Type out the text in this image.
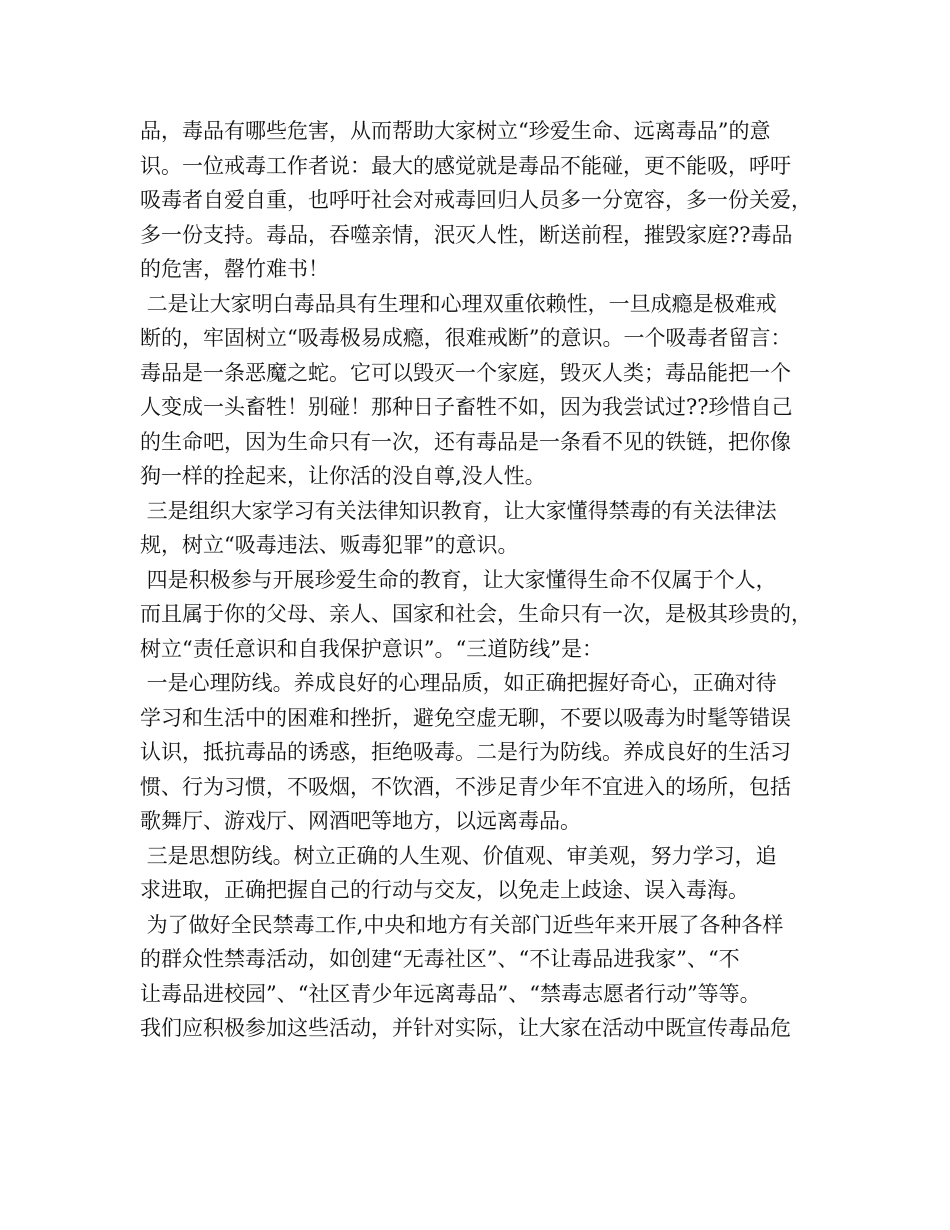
品，毒品有哪些危害，从而帮助大家树立“珍爱生命、远离毒品”的意
识。一位戒毒工作者说：最大的感觉就是毒品不能碰，更不能吸，呼吁
吸毒者自爱自重，也呼吁社会对戒毒回归人员多一分宽容，多一份关爱，
多一份支持。毒品，吞噬亲情，泯灭人性，断送前程，摧毁家庭??毒品
的危害，罄竹难书！
二是让大家明白毒品具有生理和心理双重依赖性，一旦成瘾是极难戒
断的，牢固树立“吸毒极易成瘾，很难戒断”的意识。一个吸毒者留言：
毒品是一条恶魔之蛇。它可以毁灭一个家庭，毁灭人类；毒品能把一个
人变成一头畜牲！别碰！那种日子畜牲不如，因为我尝试过??珍惜自己
的生命吧，因为生命只有一次，还有毒品是一条看不见的铁链，把你像
狗一样的拴起来，让你活的没自尊,没人性。
三是组织大家学习有关法律知识教育，让大家懂得禁毒的有关法律法
规，树立“吸毒违法、贩毒犯罪”的意识。
四是积极参与开展珍爱生命的教育，让大家懂得生命不仅属于个人，
而且属于你的父母、亲人、国家和社会，生命只有一次，是极其珍贵的，
树立“责任意识和自我保护意识”。“三道防线”是：
一是心理防线。养成良好的心理品质，如正确把握好奇心，正确对待
学习和生活中的困难和挫折，避免空虚无聊，不要以吸毒为时髦等错误
认识，抵抗毒品的诱惑，拒绝吸毒。二是行为防线。养成良好的生活习
惯、行为习惯，不吸烟，不饮酒，不涉足青少年不宜进入的场所，包括
歌舞厅、游戏厅、网酒吧等地方，以远离毒品。
三是思想防线。树立正确的人生观、价值观、审美观，努力学习，追
求进取，正确把握自己的行动与交友，以免走上歧途、误入毒海。
为了做好全民禁毒工作,中央和地方有关部门近些年来开展了各种各样
的群众性禁毒活动，如创建“无毒社区”、“不让毒品进我家”、“不
让毒品进校园”、“社区青少年远离毒品”、“禁毒志愿者行动”等等。
我们应积极参加这些活动，并针对实际，让大家在活动中既宣传毒品危
